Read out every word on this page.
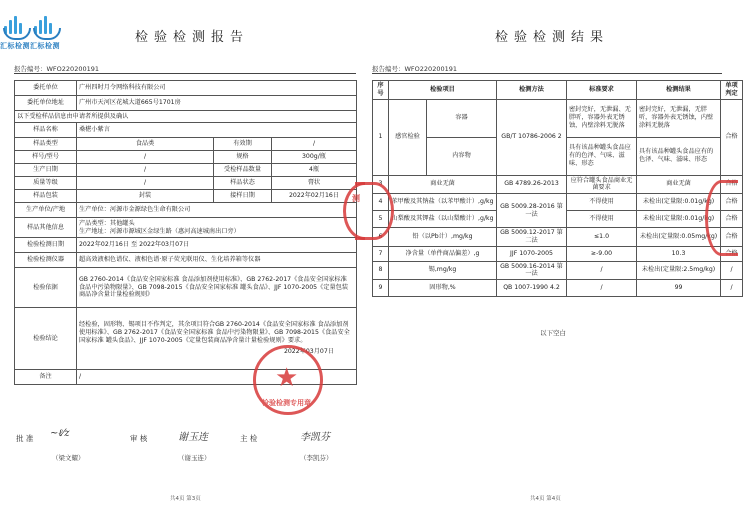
汇标检测
检验检测报告
报告编号：WFO220200191
委托单位	广州四时月令网络科技有限公司		
委托单位地址	广州市天河区花城大道665号1701房		
以下受检样品信息由申请者所提供及确认			
样品名称	桑椹小紫言		
样品类型	食品类	有效期	/
样号/型号	/	规格	300g/瓶
生产日期	/	受检样品数量	4瓶
质量等级	/	样品状态	膏状
样品包装	封装	接样日期	2022年02月16日
生产单位/产地	生产单位：河源市金源绿色生命有限公司		
样品其他信息	产品类型：其他罐头
生产地址：河源市源城区金绿生路（惠河高速城南出口旁）		

检验检测日期	2022年02月16日 至 2022年03月07日		
检验检测仪器	超高效液相色谱仪、液相色谱·原子荧光联用仪、生化培养箱等仪器		
检验依据	GB 2760-2014《食品安全国家标准 食品添加剂使用标准》、GB 2762-2017《食品安全国家标准 食品中污染物限量》、GB 7098-2015《食品安全国家标准 罐头食品》、JJF 1070-2005《定量包装商品净含量计量检验规则》		
检验结论	经检验，固形物、锡项目不作判定，其余项目符合GB 2760-2014《食品安全国家标准 食品添加剂使用标准》、GB 2762-2017《食品安全国家标准 食品中污染物限量》、GB 7098-2015《食品安全国家标准 罐头食品》、JJF 1070-2005《定量包装商品净含量计量检验规则》要求。
2022年03月07日		

备注	/			★
检验检测专用章
测
批 准 ~ℓ⁄z
（梁文耀）
审 核	谢玉连
（谢玉连）
主 检	李凯芬
（李凯芬）
共4页 第3页
汇标检测
检验检测结果
报告编号：WFO220200191
序号	检验项目		检测方法	标准要求	检测结果	单项判定
1	感官检验	容器	GB/T 10786-2006 2	密封完好，无泄漏、无胖听，容器外表无锈蚀，内壁涂料无脱落	密封完好，无泄漏，无胖听，容器外表无锈蚀，内壁涂料无脱落	合格
		内容物		具有该品种罐头食品应有的色泽、气味、滋味、形态	具有该品种罐头食品应有的色泽、气味、滋味、形态	
3	商业无菌		GB 4789.26-2013	应符合罐头食品商业无菌要求	商业无菌	合格
4	苯甲酸及其钠盐（以苯甲酸计）,g/kg		GB 5009.28-2016 第一法	不得使用	未检出(定量限:0.01g/kg)	合格
5	山梨酸及其钾盐（以山梨酸计）,g/kg			不得使用	未检出(定量限:0.01g/kg)	合格
6	铅（以Pb计）,mg/kg		GB 5009.12-2017 第二法	≤1.0	未检出(定量限:0.05mg/kg)	合格
7	净含量（单件商品偏差）,g		JJF 1070-2005	≥-9.00	10.3	合格
8	锡,mg/kg		GB 5009.16-2014 第一法	/	未检出(定量限:2.5mg/kg)	/
9	固形物,%		QB 1007-1990 4.2	/	99	/
以下空白
共4页 第4页
